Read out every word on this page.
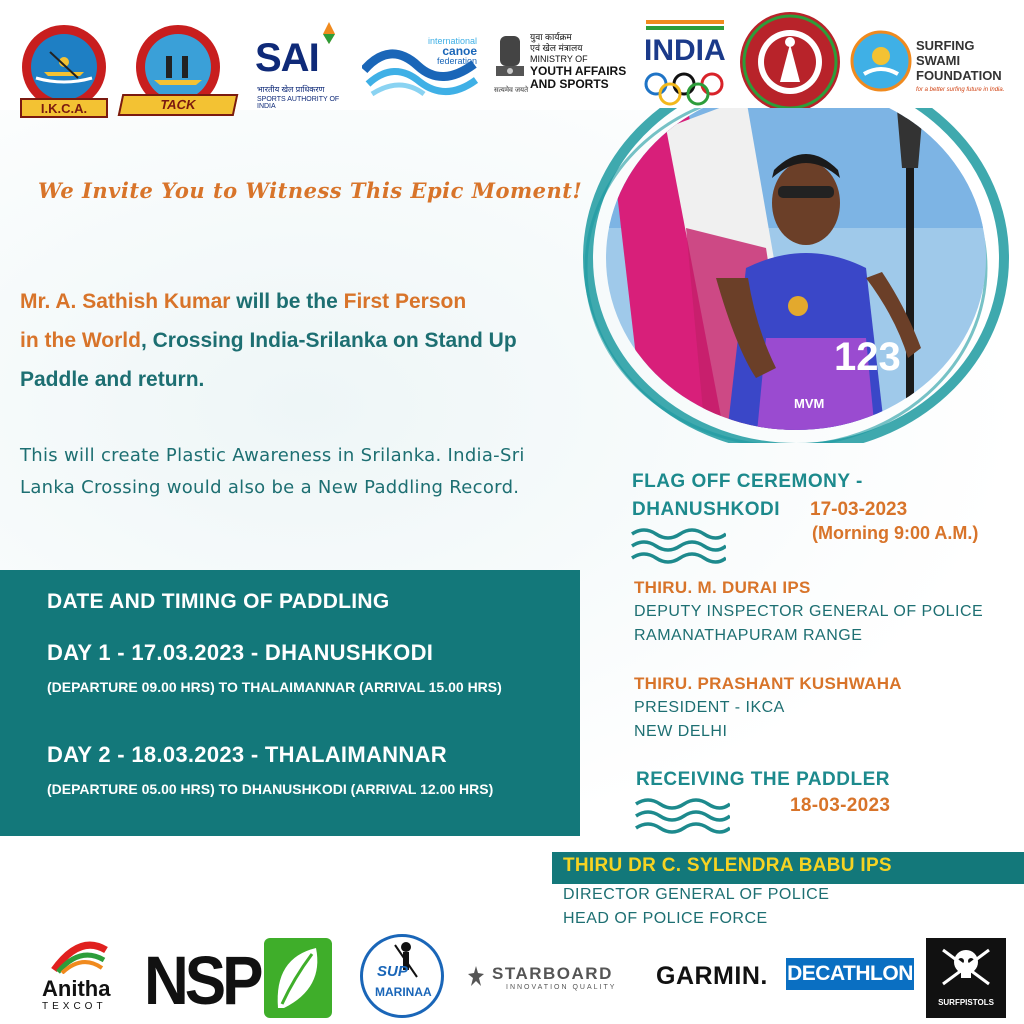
I.K.C.A.	TACK
SAI
भारतीय खेल प्राधिकरण
SPORTS AUTHORITY OF INDIA
international
canoe
federation
सत्यमेव जयते
युवा कार्यक्रम
एवं खेल मंत्रालय
MINISTRY OF
YOUTH AFFAIRS
AND SPORTS
INDIA	SURFING SWAMI
FOUNDATION
for a better surfing future in India.
We Invite You to Witness This Epic Moment!
Mr. A. Sathish Kumar will be the First Person
in the World, Crossing India-Srilanka on Stand Up Paddle and return.
This will create Plastic Awareness in Srilanka. India-Sri Lanka Crossing would also be a New Paddling Record.
123
MVM
DATE AND TIMING OF PADDLING
DAY 1 - 17.03.2023 - DHANUSHKODI
(DEPARTURE 09.00 HRS) TO THALAIMANNAR (ARRIVAL 15.00 HRS)
DAY 2 - 18.03.2023 - THALAIMANNAR
(DEPARTURE 05.00 HRS) TO DHANUSHKODI (ARRIVAL 12.00 HRS)
FLAG OFF CEREMONY -
DHANUSHKODI 17-03-2023
(Morning 9:00 A.M.)
THIRU. M. DURAI IPS
DEPUTY INSPECTOR GENERAL OF POLICE
RAMANATHAPURAM RANGE
THIRU. PRASHANT KUSHWAHA
PRESIDENT - IKCA
NEW DELHI
RECEIVING THE PADDLER
18-03-2023
THIRU DR C. SYLENDRA BABU IPS
DIRECTOR GENERAL OF POLICE
HEAD OF POLICE FORCE
Anitha
TEXCOT NSP	SUP
MARINAA
STARBOARD
INNOVATION QUALITY GARMIN. DECATHLON
SURFPISTOLS
